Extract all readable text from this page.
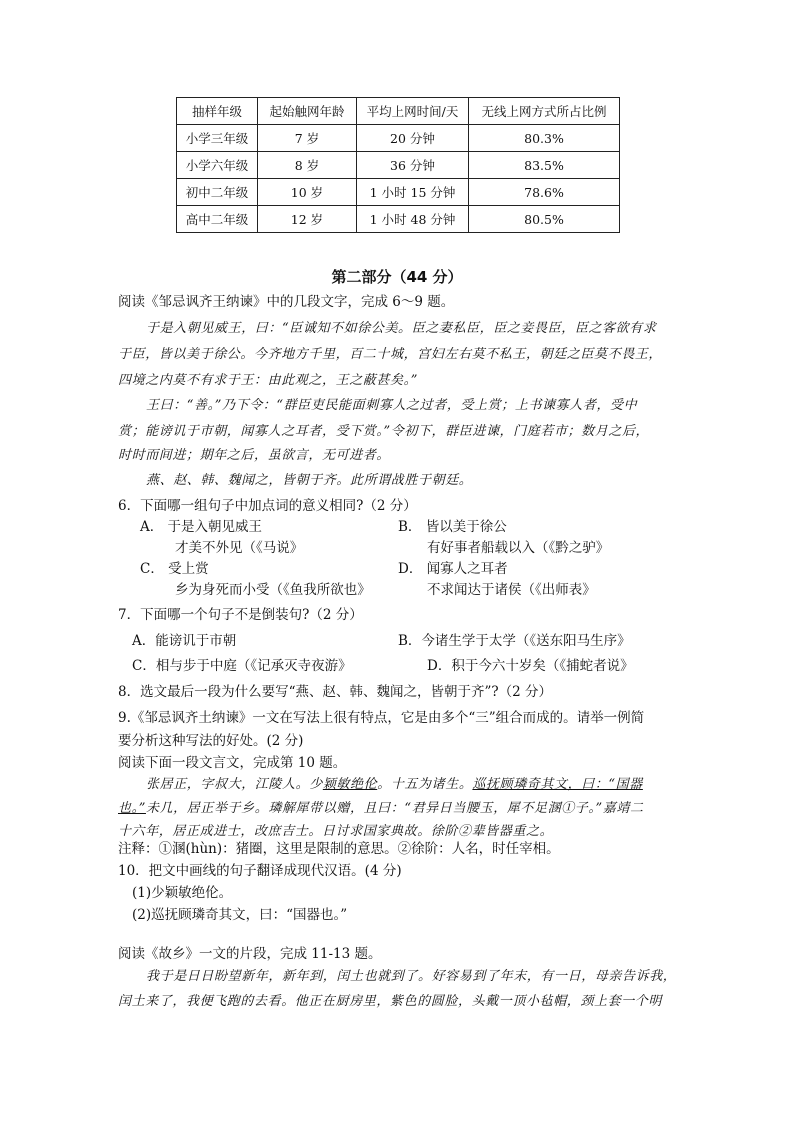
抽样年级	起始触网年龄	平均上网时间/天	无线上网方式所占比例
小学三年级	7 岁	20 分钟	80.3%
小学六年级	8 岁	36 分钟	83.5%
初中二年级	10 岁	1 小时 15 分钟	78.6%
高中二年级	12 岁	1 小时 48 分钟	80.5%
第二部分（44 分）
阅读《邹忌讽齐王纳谏》中的几段文字，完成 6～9 题。
于是入朝见威王，曰：“臣诚知不如徐公美。臣之妻私臣，臣之妾畏臣，臣之客欲有求
于臣，皆以美于徐公。今齐地方千里，百二十城，宫妇左右莫不私王，朝廷之臣莫不畏王，
四境之内莫不有求于王：由此观之，王之蔽甚矣。”
王曰：“善。”乃下令：“群臣吏民能面刺寡人之过者，受上赏；上书谏寡人者，受中
赏；能谤讥于市朝，闻寡人之耳者，受下赏。”令初下，群臣进谏，门庭若市；数月之后，
时时而间进；期年之后，虽欲言，无可进者。
燕、赵、韩、魏闻之，皆朝于齐。此所谓战胜于朝廷。
6．下面哪一组句子中加点词的意义相同?（2 分）
A． 于是入朝见威王
才美不外见（《马说》
B． 皆以美于徐公
有好事者船载以入（《黔之驴》
C． 受上赏
乡为身死而小受（《鱼我所欲也》
D． 闻寡人之耳者
不求闻达于诸侯（《出师表》
7．下面哪一个句子不是倒装句?（2 分）
A．能谤讥于市朝	B．今诸生学于太学（《送东阳马生序》
C．相与步于中庭（《记承灭寺夜游》	D．积于今六十岁矣（《捕蛇者说》
8．选文最后一段为什么要写“燕、赵、韩、魏闻之，皆朝于齐”?（2 分）
9.《邹忌讽齐土纳谏》一文在写法上很有特点，它是由多个“三”组合而成的。请举一例简
要分析这种写法的好处。(2 分)
阅读下面一段文言文，完成第 10 题。
张居正，字叔大，江陵人。少颖敏绝伦。十五为诸生。巡抚顾璘奇其文，曰：“国器
也。”未几，居正举于乡。璘解犀带以赠，且曰：“君异日当腰玉，犀不足溷①子。”嘉靖二
十六年，居正成进士，改庶吉士。日讨求国家典故。徐阶②辈皆器重之。
注释：①溷(hùn)：猪圈，这里是限制的意思。②徐阶：人名，时任宰相。
10．把文中画线的句子翻译成现代汉语。(4 分)
(1)少颖敏绝伦。
(2)巡抚顾璘奇其文，曰：“国器也。”
阅读《故乡》一文的片段，完成 11-13 题。
我于是日日盼望新年，新年到，闰土也就到了。好容易到了年末，有一日，母亲告诉我，
闰土来了，我便飞跑的去看。他正在厨房里，紫色的圆脸，头戴一顶小毡帽，颈上套一个明
